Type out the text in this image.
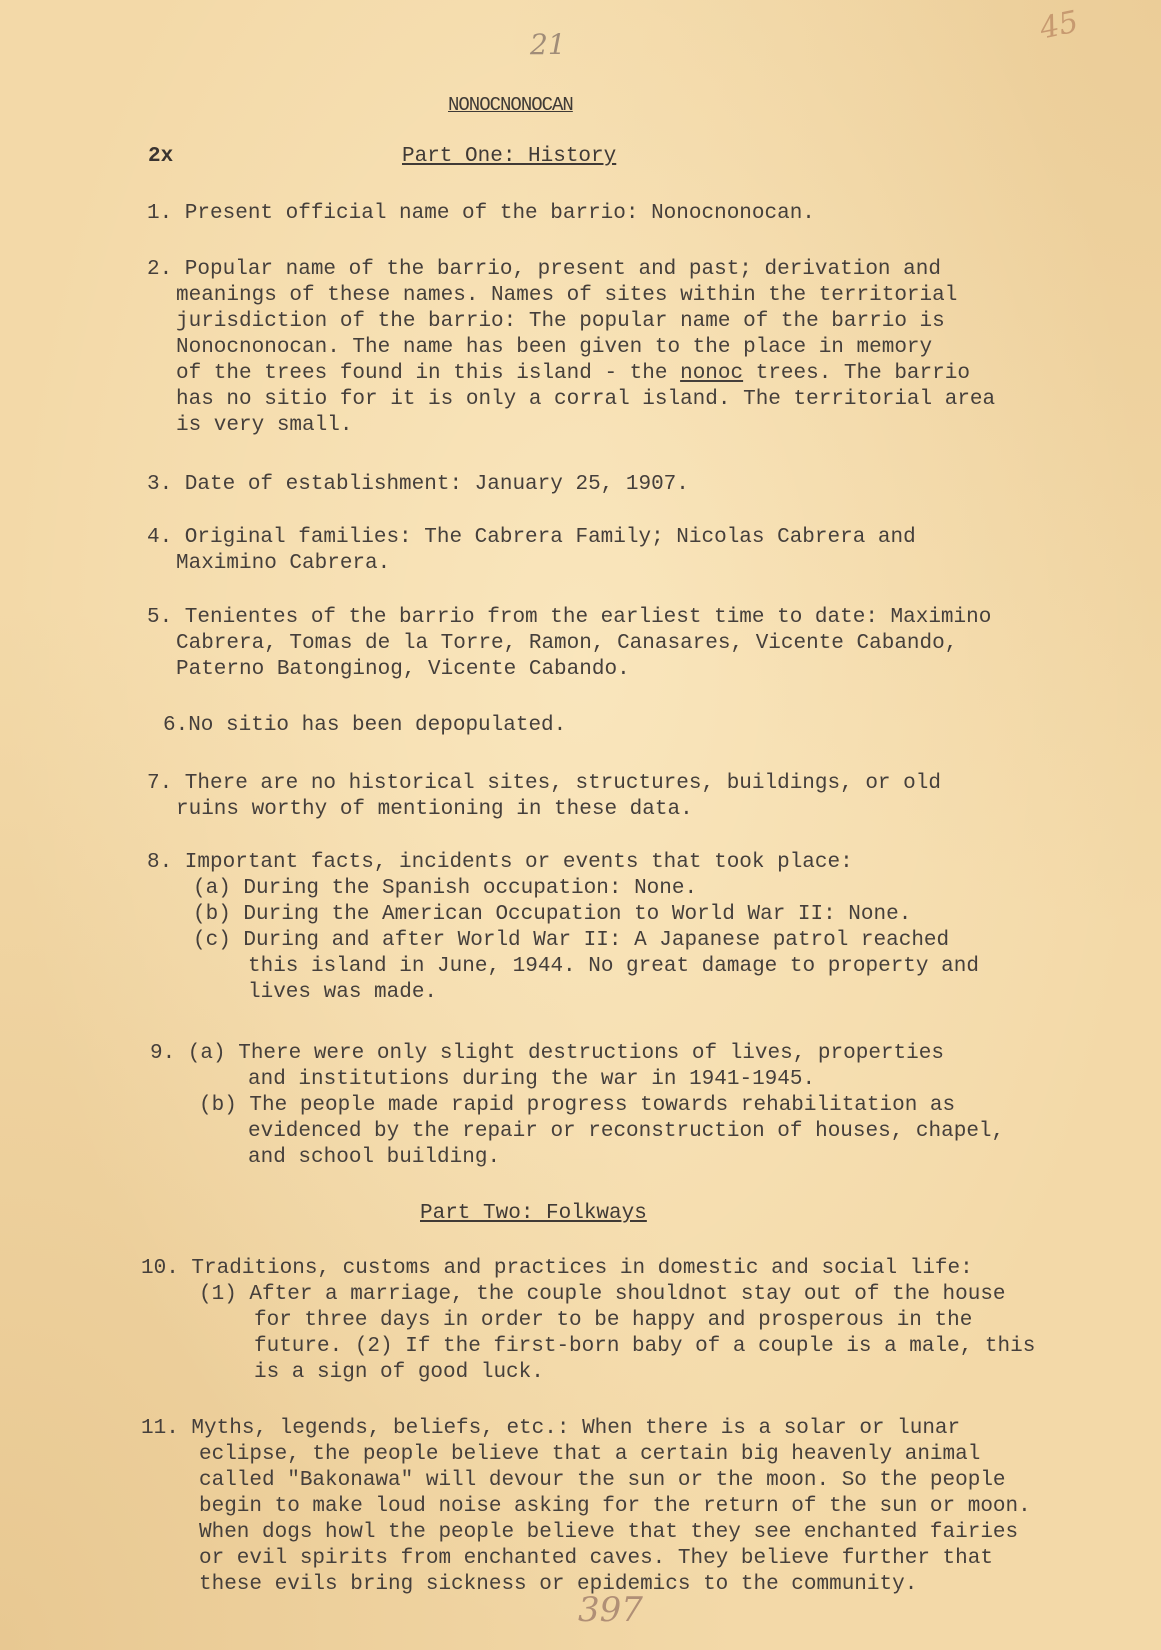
45
21
NONOCNONOCAN
2x	Part One: History
1. Present official name of the barrio: Nonocnonocan.
2. Popular name of the barrio, present and past; derivation and
meanings of these names. Names of sites within the territorial
jurisdiction of the barrio: The popular name of the barrio is
Nonocnonocan. The name has been given to the place in memory
of the trees found in this island - the nonoc trees. The barrio
has no sitio for it is only a corral island. The territorial area
is very small.
3. Date of establishment: January 25, 1907.
4. Original families: The Cabrera Family; Nicolas Cabrera and
Maximino Cabrera.
5. Tenientes of the barrio from the earliest time to date: Maximino
Cabrera, Tomas de la Torre, Ramon, Canasares, Vicente Cabando,
Paterno Batonginog, Vicente Cabando.
6.No sitio has been depopulated.
7. There are no historical sites, structures, buildings, or old
ruins worthy of mentioning in these data.
8. Important facts, incidents or events that took place:
(a) During the Spanish occupation: None.
(b) During the American Occupation to World War II: None.
(c) During and after World War II: A Japanese patrol reached
this island in June, 1944. No great damage to property and
lives was made.
9. (a) There were only slight destructions of lives, properties
and institutions during the war in 1941-1945.
(b) The people made rapid progress towards rehabilitation as
evidenced by the repair or reconstruction of houses, chapel,
and school building.
Part Two: Folkways
10. Traditions, customs and practices in domestic and social life:
(1) After a marriage, the couple shouldnot stay out of the house
for three days in order to be happy and prosperous in the
future. (2) If the first-born baby of a couple is a male, this
is a sign of good luck.
11. Myths, legends, beliefs, etc.: When there is a solar or lunar
eclipse, the people believe that a certain big heavenly animal
called "Bakonawa" will devour the sun or the moon. So the people
begin to make loud noise asking for the return of the sun or moon.
When dogs howl the people believe that they see enchanted fairies
or evil spirits from enchanted caves. They believe further that
these evils bring sickness or epidemics to the community.
397
